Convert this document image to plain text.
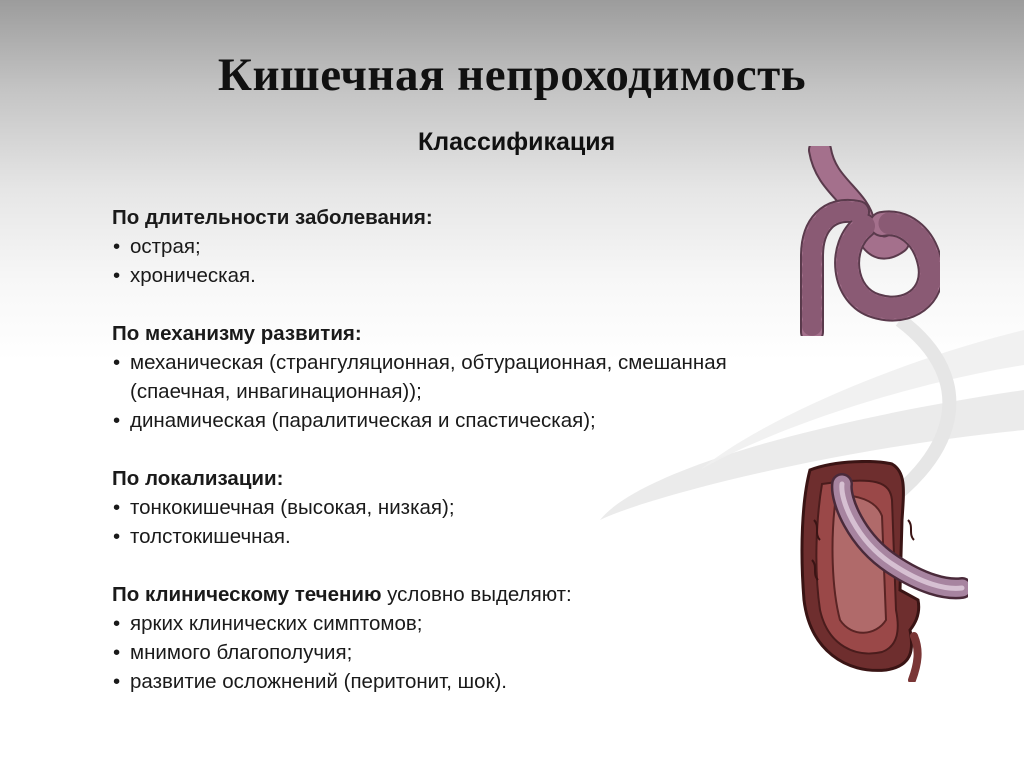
Кишечная непроходимость
Классификация
По длительности заболевания:
• острая;
• хроническая.
По механизму развития:
• механическая (странгуляционная, обтурационная, смешанная
(спаечная, инвагинационная));
• динамическая (паралитическая и спастическая);
По локализации:
• тонкокишечная (высокая, низкая);
• толстокишечная.
По клиническому течению условно выделяют:
• ярких клинических симптомов;
• мнимого благополучия;
• развитие осложнений (перитонит, шок).
